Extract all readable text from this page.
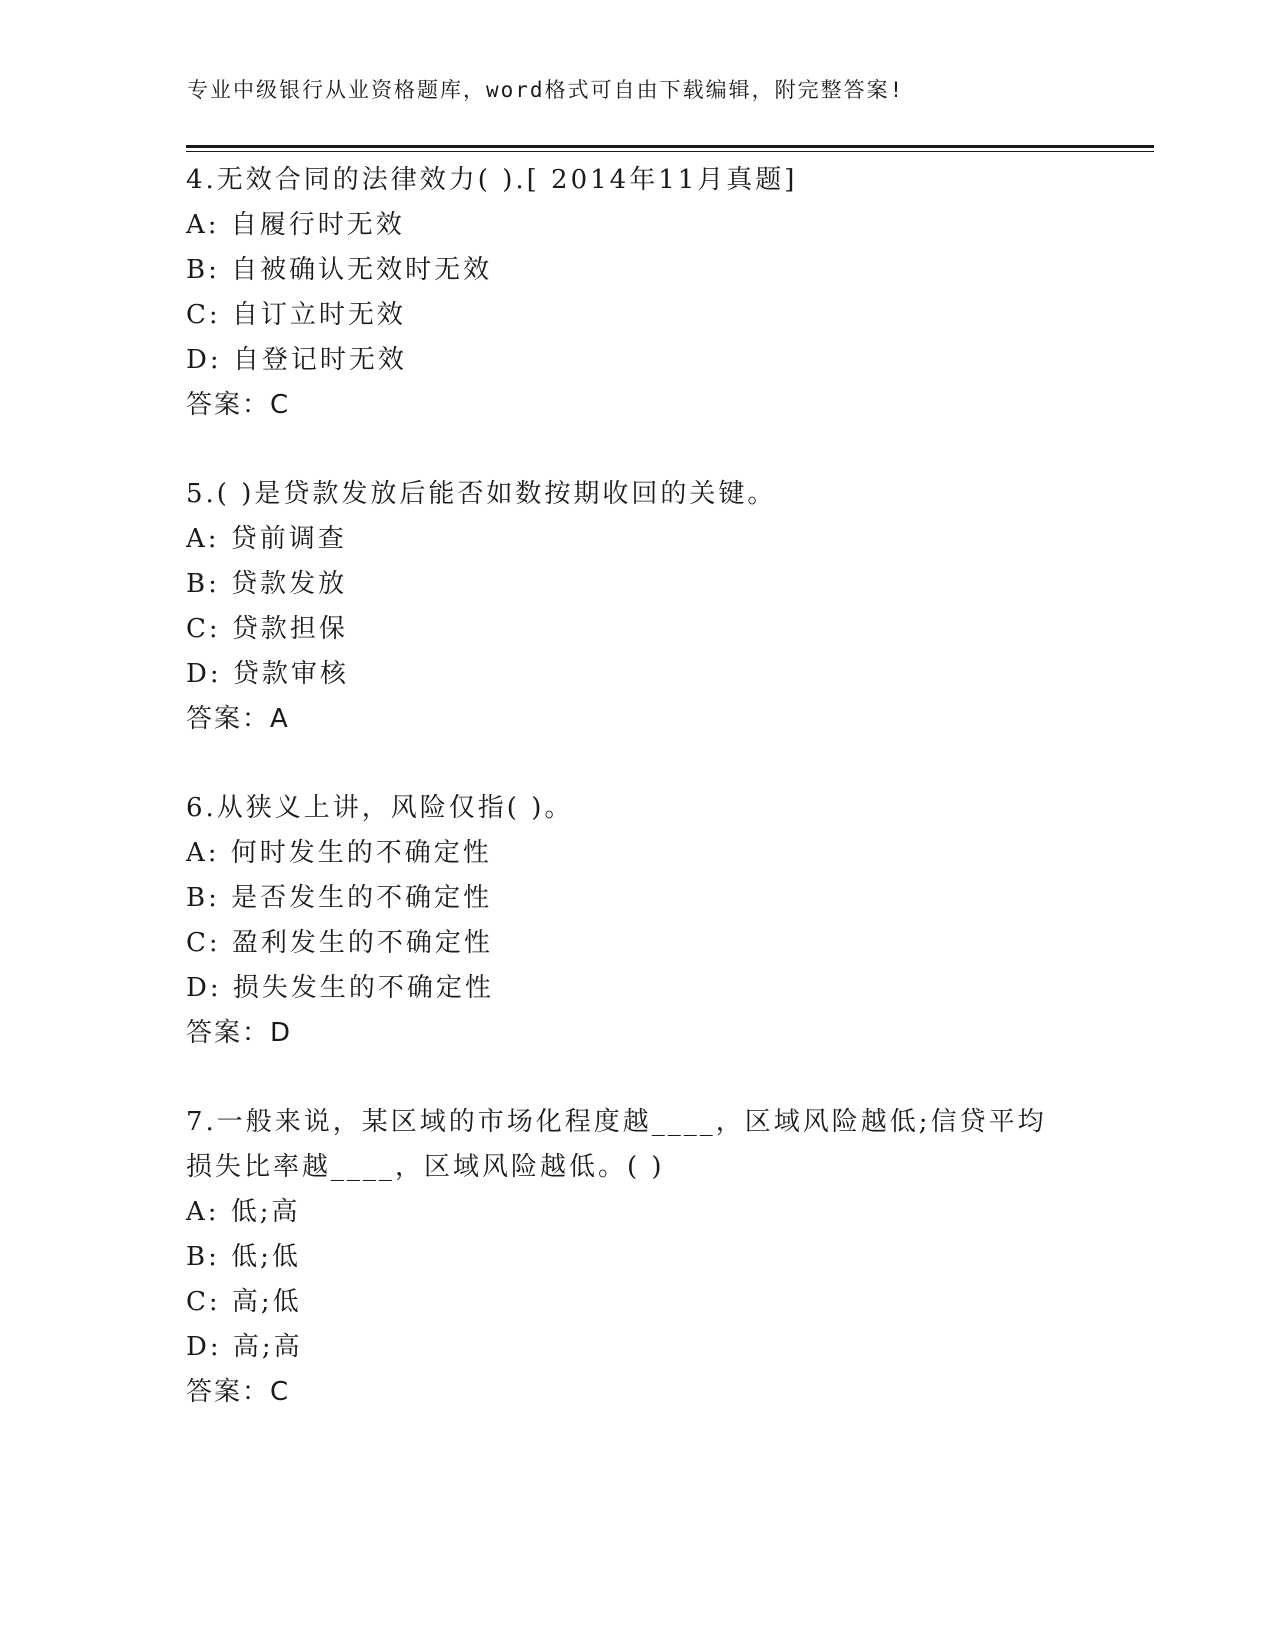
专业中级银行从业资格题库，word格式可自由下载编辑，附完整答案!
4.无效合同的法律效力( ).[ 2014年11月真题]
A: 自履行时无效
B: 自被确认无效时无效
C: 自订立时无效
D: 自登记时无效
答案：C
5.( )是贷款发放后能否如数按期收回的关键。
A: 贷前调查
B: 贷款发放
C: 贷款担保
D: 贷款审核
答案：A
6.从狭义上讲，风险仅指( )。
A: 何时发生的不确定性
B: 是否发生的不确定性
C: 盈利发生的不确定性
D: 损失发生的不确定性
答案：D
7.一般来说，某区域的市场化程度越____，区域风险越低;信贷平均损失比率越____，区域风险越低。( )
A: 低;高
B: 低;低
C: 高;低
D: 高;高
答案：C
